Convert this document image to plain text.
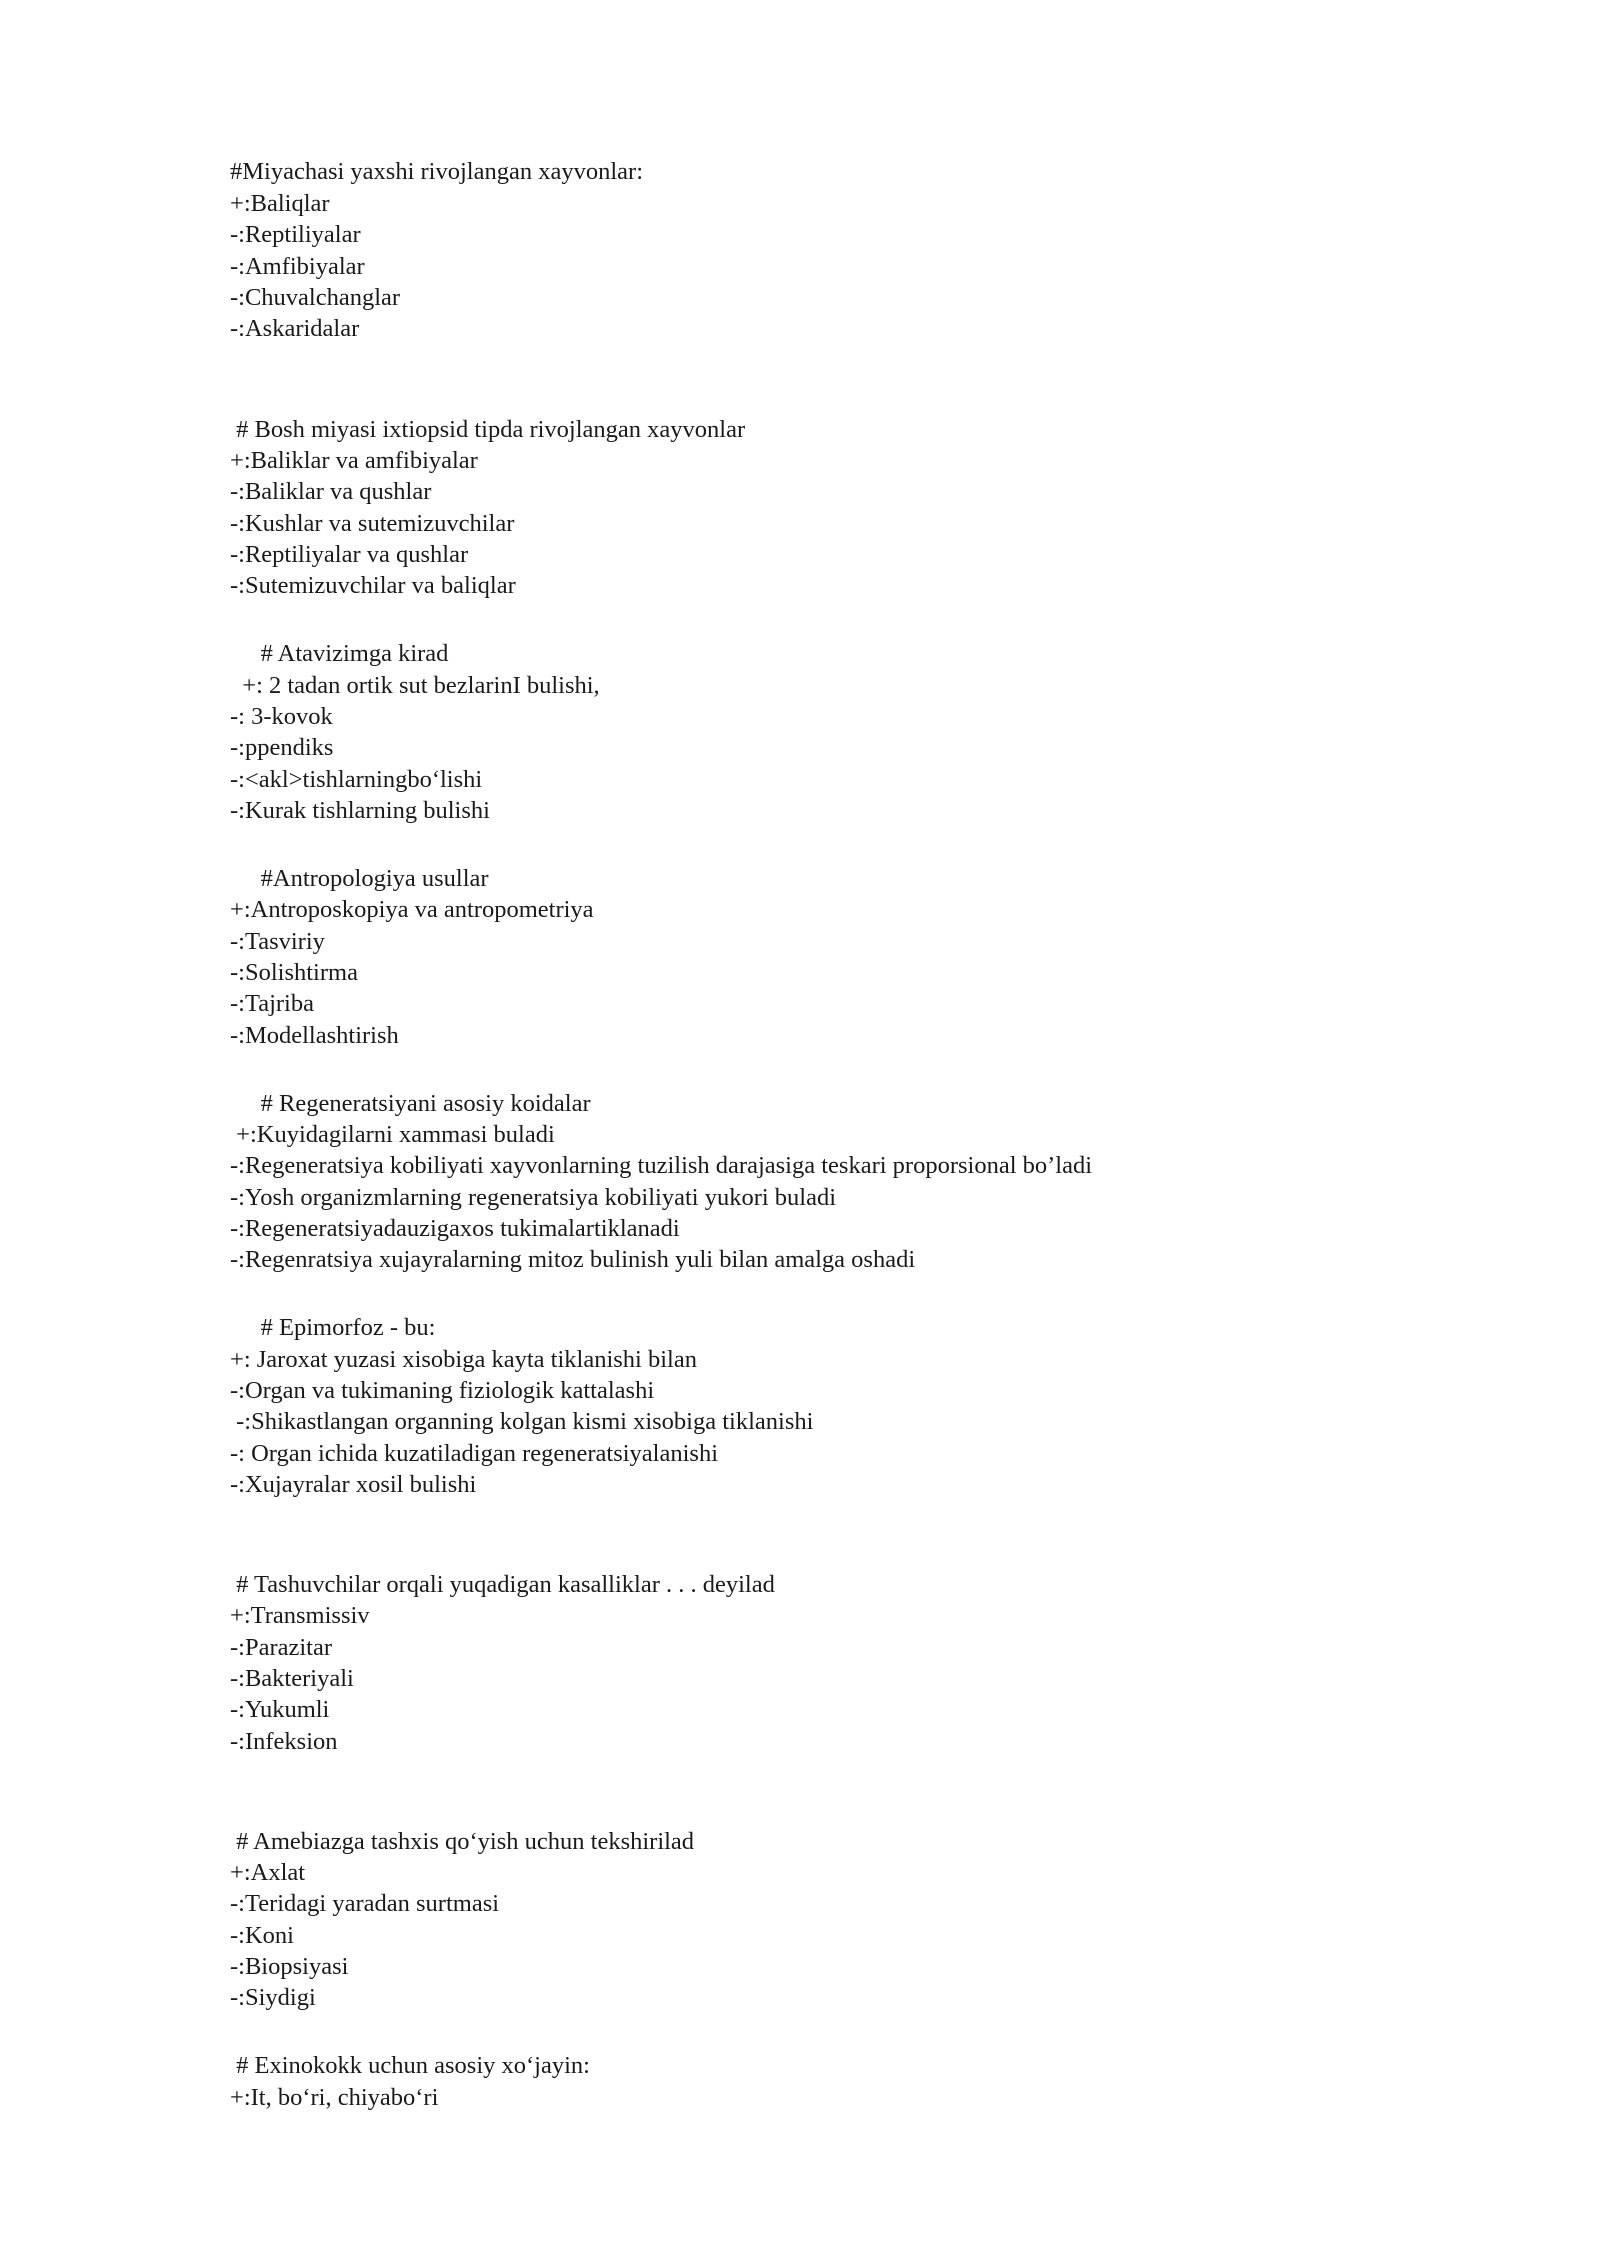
#Miyachasi yaxshi rivojlangan xayvonlar:
+:Baliqlar
-:Reptiliyalar
-:Amfibiyalar
-:Chuvalchanglar
-:Askaridalar
# Bosh miyasi ixtiopsid tipda rivojlangan xayvonlar
+:Baliklar va amfibiyalar
-:Baliklar va qushlar
-:Kushlar va sutemizuvchilar
-:Reptiliyalar va qushlar
-:Sutemizuvchilar va baliqlar
# Atavizimga kirad
+: 2 tadan ortik sut bezlarinI bulishi,
-: 3-kovok
-:ppendiks
-:<akl>tishlarningbo‘lishi
-:Kurak tishlarning bulishi
#Antropologiya usullar
+:Antroposkopiya va antropometriya
-:Tasviriy
-:Solishtirma
-:Tajriba
-:Modellashtirish
# Regeneratsiyani asosiy koidalar
+:Kuyidagilarni xammasi buladi
-:Regeneratsiya kobiliyati xayvonlarning tuzilish darajasiga teskari proporsional bo’ladi
-:Yosh organizmlarning regeneratsiya kobiliyati yukori buladi
-:Regeneratsiyadauzigaxos tukimalartiklanadi
-:Regenratsiya xujayralarning mitoz bulinish yuli bilan amalga oshadi
# Epimorfoz - bu:
+: Jaroxat yuzasi xisobiga kayta tiklanishi bilan
-:Organ va tukimaning fiziologik kattalashi
-:Shikastlangan organning kolgan kismi xisobiga tiklanishi
-: Organ ichida kuzatiladigan regeneratsiyalanishi
-:Xujayralar xosil bulishi
# Tashuvchilar orqali yuqadigan kasalliklar . . . deyilad
+:Transmissiv
-:Parazitar
-:Bakteriyali
-:Yukumli
-:Infeksion
# Amebiazga tashxis qo‘yish uchun tekshirilad
+:Axlat
-:Teridagi yaradan surtmasi
-:Koni
-:Biopsiyasi
-:Siydigi
# Exinokokk uchun asosiy xo‘jayin:
+:It, bo‘ri, chiyabo‘ri
